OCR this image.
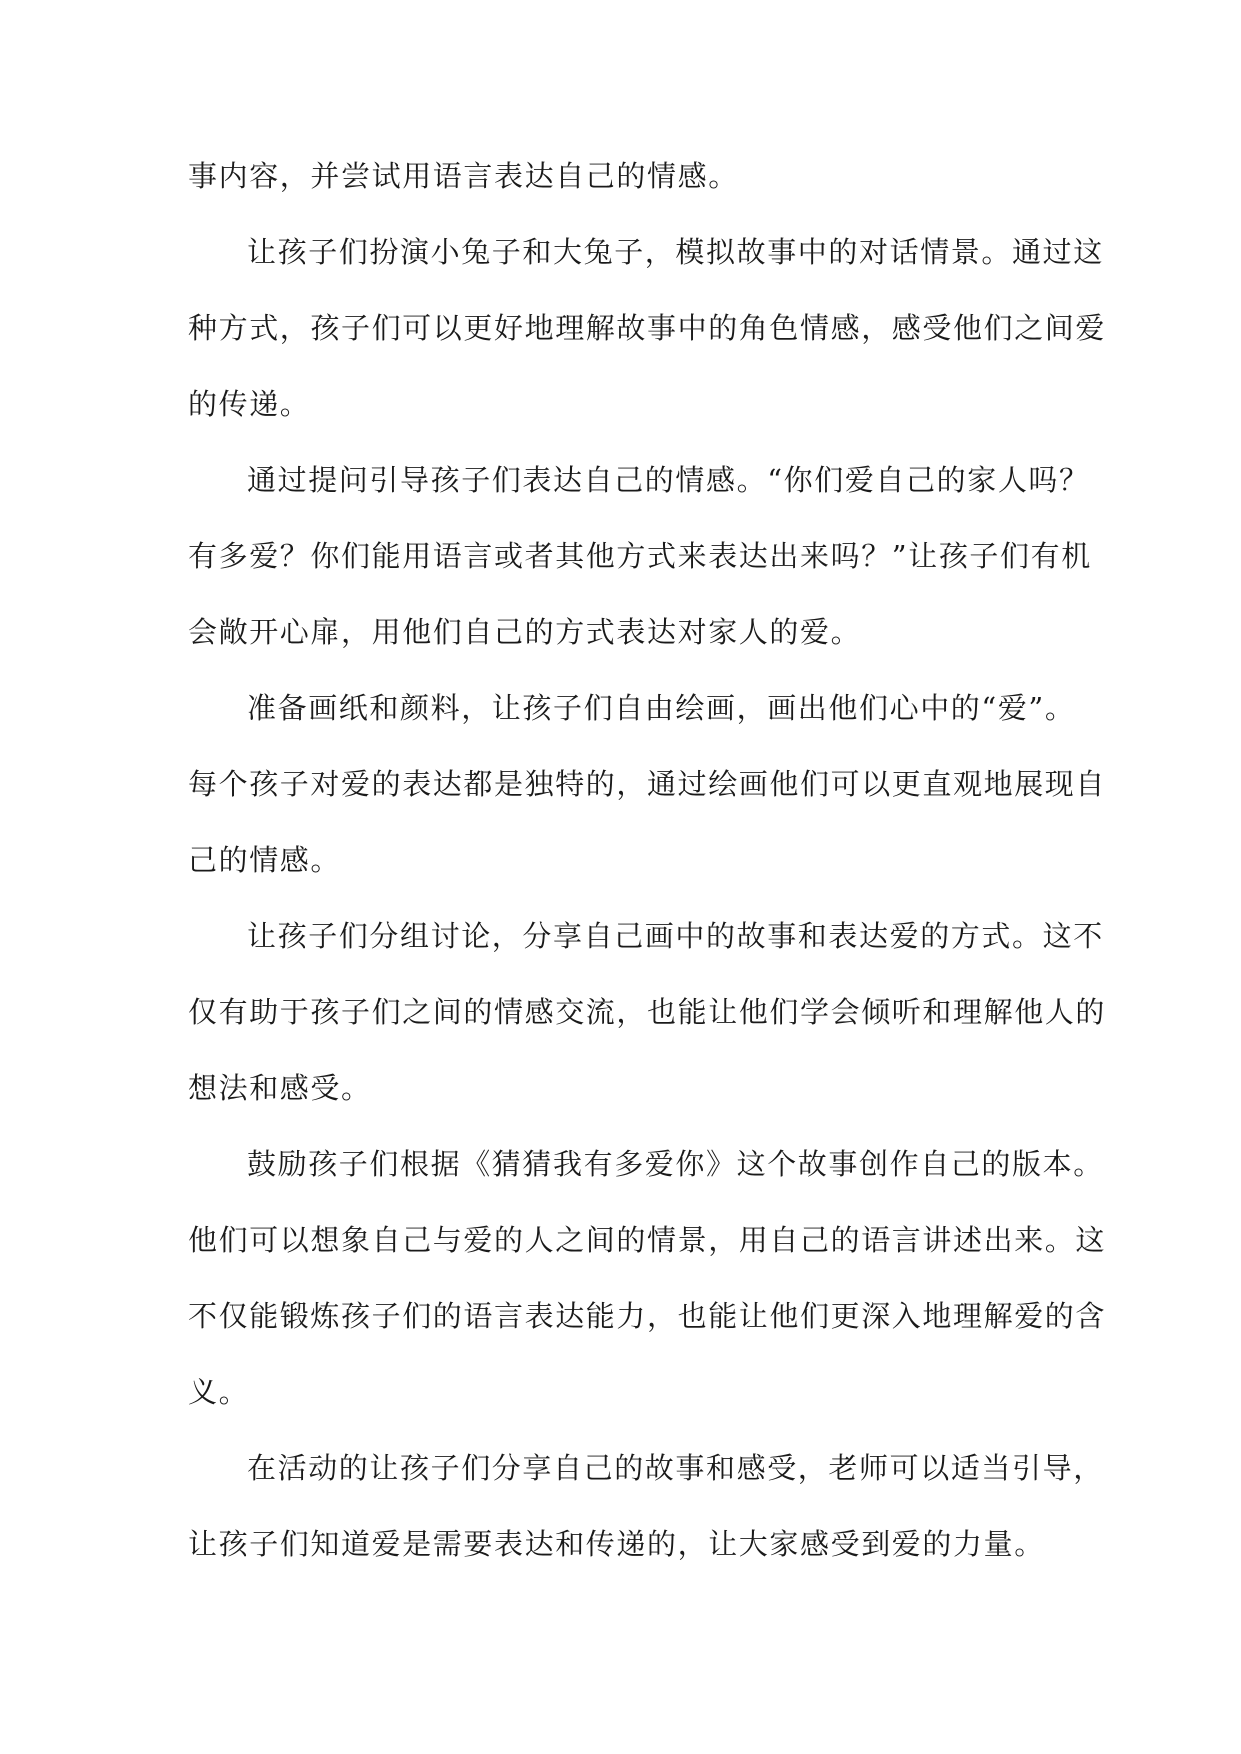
事内容，并尝试用语言表达自己的情感。

让孩子们扮演小兔子和大兔子，模拟故事中的对话情景。通过这
种方式，孩子们可以更好地理解故事中的角色情感，感受他们之间爱
的传递。

通过提问引导孩子们表达自己的情感。“你们爱自己的家人吗？
有多爱？你们能用语言或者其他方式来表达出来吗？”让孩子们有机
会敞开心扉，用他们自己的方式表达对家人的爱。

准备画纸和颜料，让孩子们自由绘画，画出他们心中的“爱”。
每个孩子对爱的表达都是独特的，通过绘画他们可以更直观地展现自
己的情感。

让孩子们分组讨论，分享自己画中的故事和表达爱的方式。这不
仅有助于孩子们之间的情感交流，也能让他们学会倾听和理解他人的
想法和感受。

鼓励孩子们根据《猜猜我有多爱你》这个故事创作自己的版本。
他们可以想象自己与爱的人之间的情景，用自己的语言讲述出来。这
不仅能锻炼孩子们的语言表达能力，也能让他们更深入地理解爱的含
义。

在活动的让孩子们分享自己的故事和感受，老师可以适当引导，
让孩子们知道爱是需要表达和传递的，让大家感受到爱的力量。
